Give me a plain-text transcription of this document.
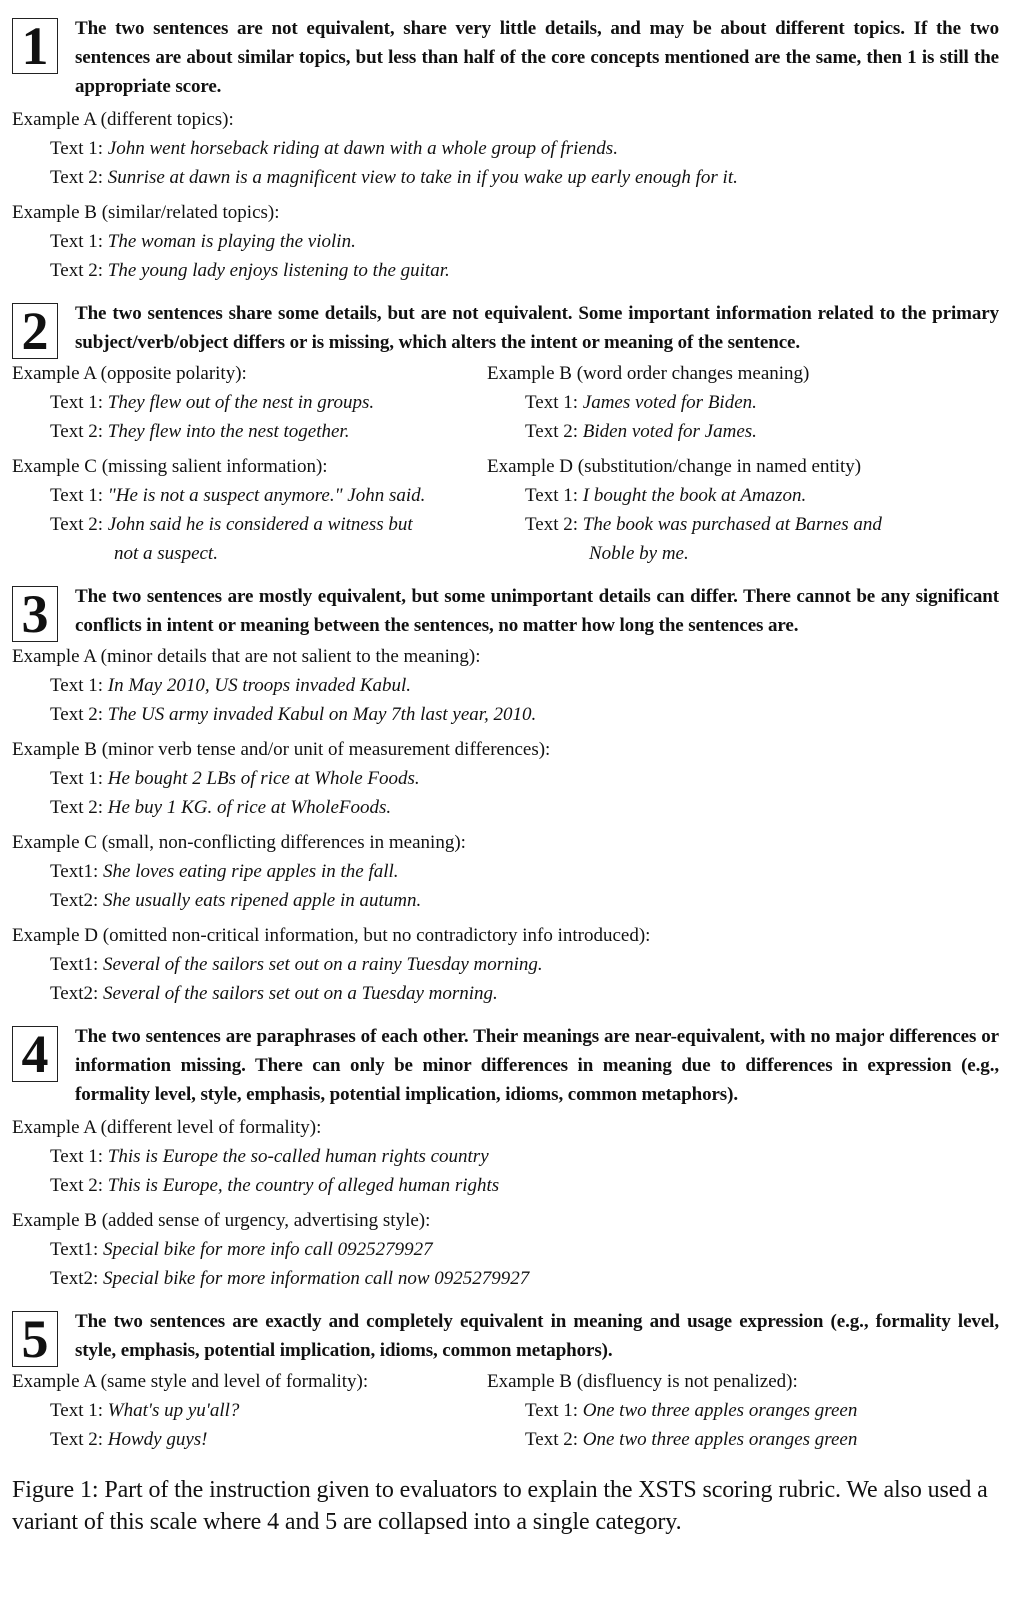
1	The two sentences are not equivalent, share very little details, and may be about different topics. If the two sentences are about similar topics, but less than half of the core concepts mentioned are the same, then 1 is still the appropriate score.
Example A (different topics):
Text 1: John went horseback riding at dawn with a whole group of friends.
Text 2: Sunrise at dawn is a magnificent view to take in if you wake up early enough for it.
Example B (similar/related topics):
Text 1: The woman is playing the violin.
Text 2: The young lady enjoys listening to the guitar.
2	The two sentences share some details, but are not equivalent. Some important information related to the primary subject/verb/object differs or is missing, which alters the intent or meaning of the sentence.
Example A (opposite polarity):
Text 1: They flew out of the nest in groups.
Text 2: They flew into the nest together.
Example B (word order changes meaning)
Text 1: James voted for Biden.
Text 2: Biden voted for James.
Example C (missing salient information):
Text 1: "He is not a suspect anymore." John said.
Text 2: John said he is considered a witness but
not a suspect.
Example D (substitution/change in named entity)
Text 1: I bought the book at Amazon.
Text 2: The book was purchased at Barnes and
Noble by me.
3	The two sentences are mostly equivalent, but some unimportant details can differ. There cannot be any significant conflicts in intent or meaning between the sentences, no matter how long the sentences are.
Example A (minor details that are not salient to the meaning):
Text 1: In May 2010, US troops invaded Kabul.
Text 2: The US army invaded Kabul on May 7th last year, 2010.
Example B (minor verb tense and/or unit of measurement differences):
Text 1: He bought 2 LBs of rice at Whole Foods.
Text 2: He buy 1 KG. of rice at WholeFoods.
Example C (small, non-conflicting differences in meaning):
Text1: She loves eating ripe apples in the fall.
Text2: She usually eats ripened apple in autumn.
Example D (omitted non-critical information, but no contradictory info introduced):
Text1: Several of the sailors set out on a rainy Tuesday morning.
Text2: Several of the sailors set out on a Tuesday morning.
4	The two sentences are paraphrases of each other. Their meanings are near-equivalent, with no major differences or information missing. There can only be minor differences in meaning due to differences in expression (e.g., formality level, style, emphasis, potential implication, idioms, common metaphors).
Example A (different level of formality):
Text 1: This is Europe the so-called human rights country
Text 2: This is Europe, the country of alleged human rights
Example B (added sense of urgency, advertising style):
Text1: Special bike for more info call 0925279927
Text2: Special bike for more information call now 0925279927
5	The two sentences are exactly and completely equivalent in meaning and usage expression (e.g., formality level, style, emphasis, potential implication, idioms, common metaphors).
Example A (same style and level of formality):
Text 1: What's up yu'all?
Text 2: Howdy guys!
Example B (disfluency is not penalized):
Text 1: One two three apples oranges green
Text 2: One two three apples oranges green
Figure 1: Part of the instruction given to evaluators to explain the XSTS scoring rubric. We also used a variant of this scale where 4 and 5 are collapsed into a single category.
